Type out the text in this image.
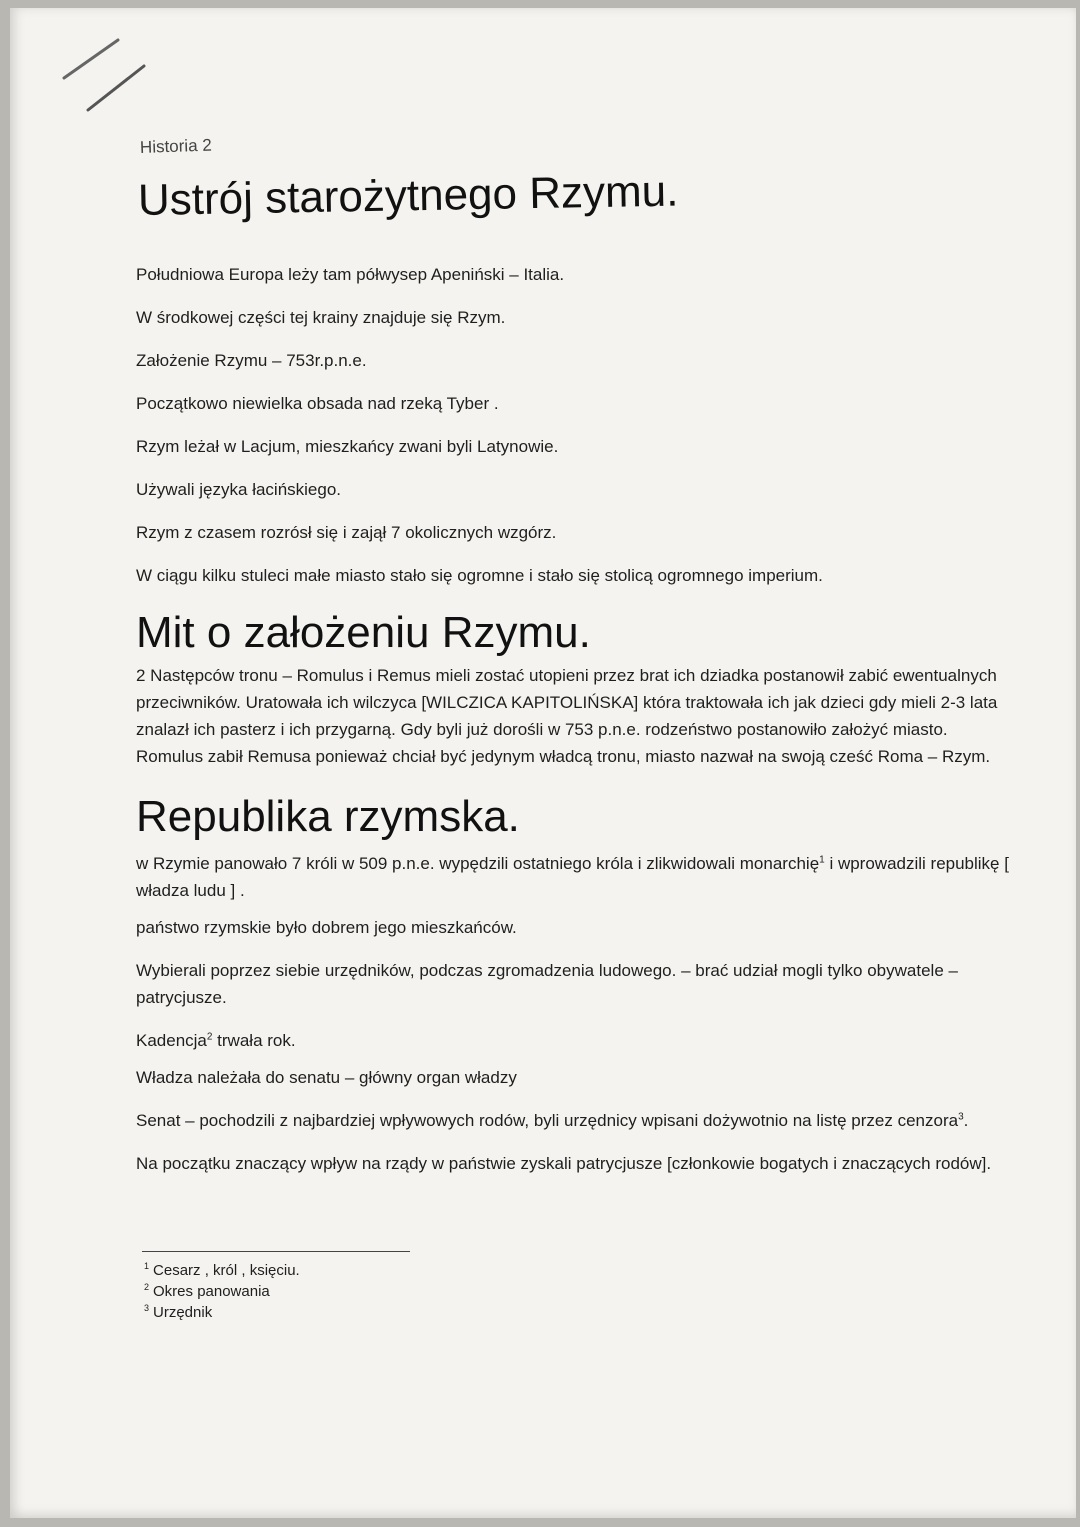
Historia 2
Ustrój starożytnego Rzymu.

Południowa Europa leży tam półwysep Apeniński – Italia.

W środkowej części tej krainy znajduje się Rzym.

Założenie Rzymu – 753r.p.n.e.

Początkowo niewielka obsada nad rzeką Tyber .

Rzym leżał w Lacjum, mieszkańcy zwani byli Latynowie.

Używali języka łacińskiego.

Rzym z czasem rozrósł się i zajął 7 okolicznych wzgórz.

W ciągu kilku stuleci małe miasto stało się ogromne i stało się stolicą ogromnego imperium.

Mit o założeniu Rzymu.

2 Następców tronu – Romulus i Remus mieli zostać utopieni przez brat ich dziadka postanowił zabić ewentualnych przeciwników. Uratowała ich wilczyca [WILCZICA KAPITOLIŃSKA] która traktowała ich jak dzieci gdy mieli 2-3 lata znalazł ich pasterz i ich przygarną. Gdy byli już dorośli w 753 p.n.e. rodzeństwo postanowiło założyć miasto. Romulus zabił Remusa ponieważ chciał być jedynym władcą tronu, miasto nazwał na swoją cześć Roma – Rzym.

Republika rzymska.

w Rzymie panowało 7 króli w 509 p.n.e. wypędzili ostatniego króla i zlikwidowali monarchię$^1$ i wprowadzili republikę [ władza ludu ] .

państwo rzymskie było dobrem jego mieszkańców.

Wybierali poprzez siebie urzędników, podczas zgromadzenia ludowego. – brać udział mogli tylko obywatele – patrycjusze.

Kadencja$^2$ trwała rok.

Władza należała do senatu – główny organ władzy

Senat – pochodzili z najbardziej wpływowych rodów, byli urzędnicy wpisani dożywotnio na listę przez cenzora$^3$.

Na początku znaczący wpływ na rządy w państwie zyskali patrycjusze [członkowie bogatych i znaczących rodów].

$^1$ Cesarz , król , księciu.
$^2$ Okres panowania
$^3$ Urzędnik
